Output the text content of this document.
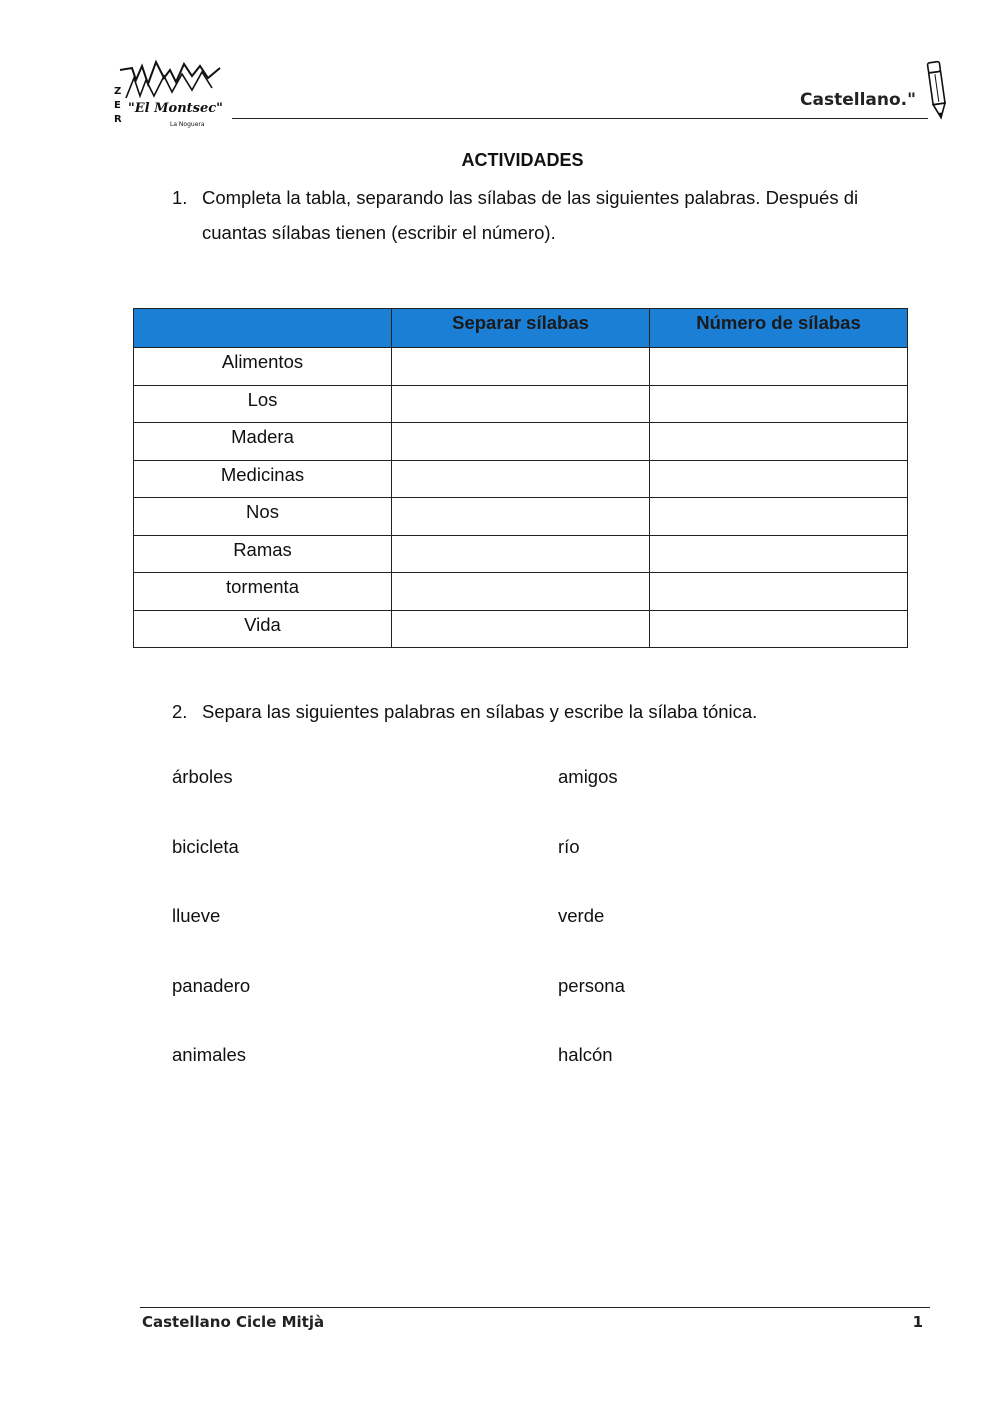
Z
E
R
"El Montsec"
La Noguera
Castellano."
ACTIVIDADES
1. Completa la tabla, separando las sílabas de las siguientes palabras. Después di cuantas sílabas tienen (escribir el número).
	Separar sílabas	Número de sílabas
Alimentos		
Los		
Madera		
Medicinas		
Nos		
Ramas		
tormenta		
Vida		
2. Separa las siguientes palabras en sílabas y escribe la sílaba tónica.
árboles	amigos
bicicleta	río
llueve	verde
panadero	persona
animales	halcón
Castellano Cicle Mitjà	1
